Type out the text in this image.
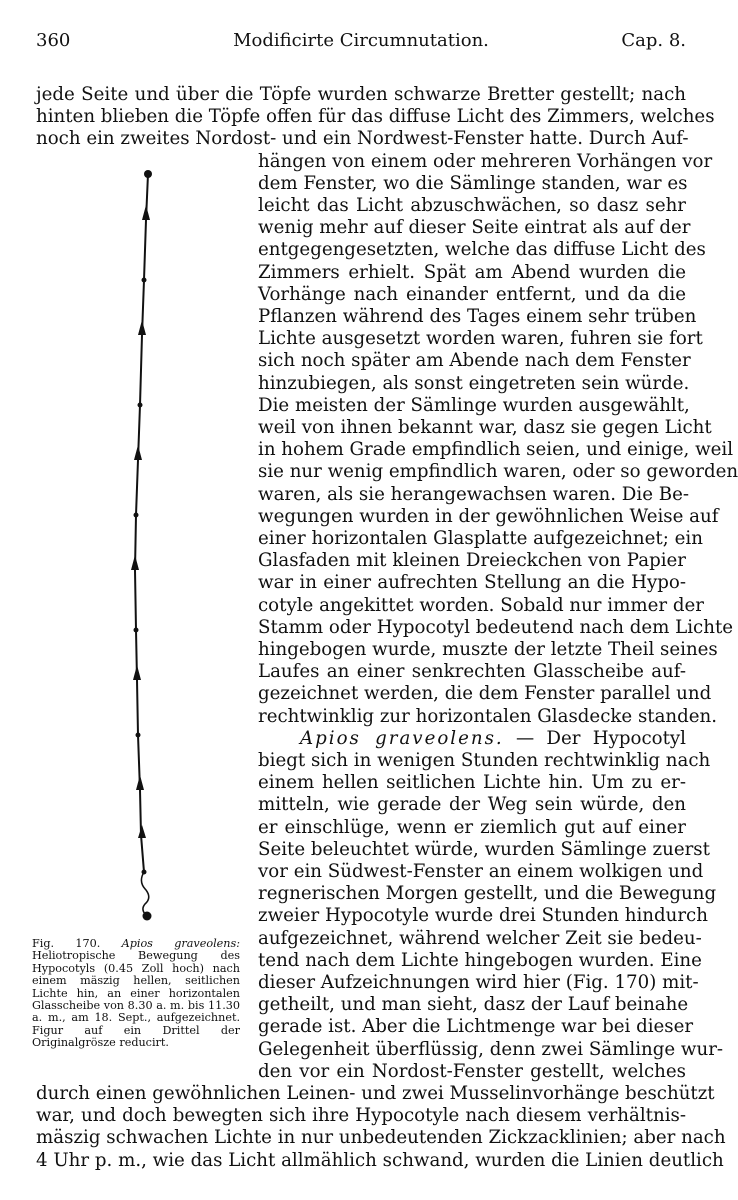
360	Modificirte Circumnutation.	Cap. 8.
jede Seite und über die Töpfe wurden schwarze Bretter gestellt; nach
hinten blieben die Töpfe offen für das diffuse Licht des Zimmers, welches
noch ein zweites Nordost- und ein Nordwest-Fenster hatte. Durch Auf-
hängen von einem oder mehreren Vorhängen vor
dem Fenster, wo die Sämlinge standen, war es
leicht das Licht abzuschwächen, so dasz sehr
wenig mehr auf dieser Seite eintrat als auf der
entgegengesetzten, welche das diffuse Licht des
Zimmers erhielt. Spät am Abend wurden die
Vorhänge nach einander entfernt, und da die
Pflanzen während des Tages einem sehr trüben
Lichte ausgesetzt worden waren, fuhren sie fort
sich noch später am Abende nach dem Fenster
hinzubiegen, als sonst eingetreten sein würde.
Die meisten der Sämlinge wurden ausgewählt,
weil von ihnen bekannt war, dasz sie gegen Licht
in hohem Grade empfindlich seien, und einige, weil
sie nur wenig empfindlich waren, oder so geworden
waren, als sie herangewachsen waren. Die Be-
wegungen wurden in der gewöhnlichen Weise auf
einer horizontalen Glasplatte aufgezeichnet; ein
Glasfaden mit kleinen Dreieckchen von Papier
war in einer aufrechten Stellung an die Hypo-
cotyle angekittet worden. Sobald nur immer der
Stamm oder Hypocotyl bedeutend nach dem Lichte
hingebogen wurde, muszte der letzte Theil seines
Laufes an einer senkrechten Glasscheibe auf-
gezeichnet werden, die dem Fenster parallel und
rechtwinklig zur horizontalen Glasdecke standen.
Apios graveolens. — Der Hypocotyl
biegt sich in wenigen Stunden rechtwinklig nach
einem hellen seitlichen Lichte hin. Um zu er-
mitteln, wie gerade der Weg sein würde, den
er einschlüge, wenn er ziemlich gut auf einer
Seite beleuchtet würde, wurden Sämlinge zuerst
vor ein Südwest-Fenster an einem wolkigen und
regnerischen Morgen gestellt, und die Bewegung
zweier Hypocotyle wurde drei Stunden hindurch
aufgezeichnet, während welcher Zeit sie bedeu-
tend nach dem Lichte hingebogen wurden. Eine
dieser Aufzeichnungen wird hier (Fig. 170) mit-
getheilt, und man sieht, dasz der Lauf beinahe
gerade ist. Aber die Lichtmenge war bei dieser
Gelegenheit überflüssig, denn zwei Sämlinge wur-
den vor ein Nordost-Fenster gestellt, welches
durch einen gewöhnlichen Leinen- und zwei Musselinvorhänge beschützt
war, und doch bewegten sich ihre Hypocotyle nach diesem verhältnis-
mäszig schwachen Lichte in nur unbedeutenden Zickzacklinien; aber nach
4 Uhr p. m., wie das Licht allmählich schwand, wurden die Linien deutlich
Fig. 170. Apios graveolens: Heliotropische Bewegung des Hypocotyls (0.45 Zoll hoch) nach einem mäszig hellen, seitlichen Lichte hin, an einer horizontalen Glasscheibe von 8.30 a. m. bis 11.30 a. m., am 18. Sept., aufgezeichnet. Figur auf ein Drittel der Originalgrösze reducirt.
